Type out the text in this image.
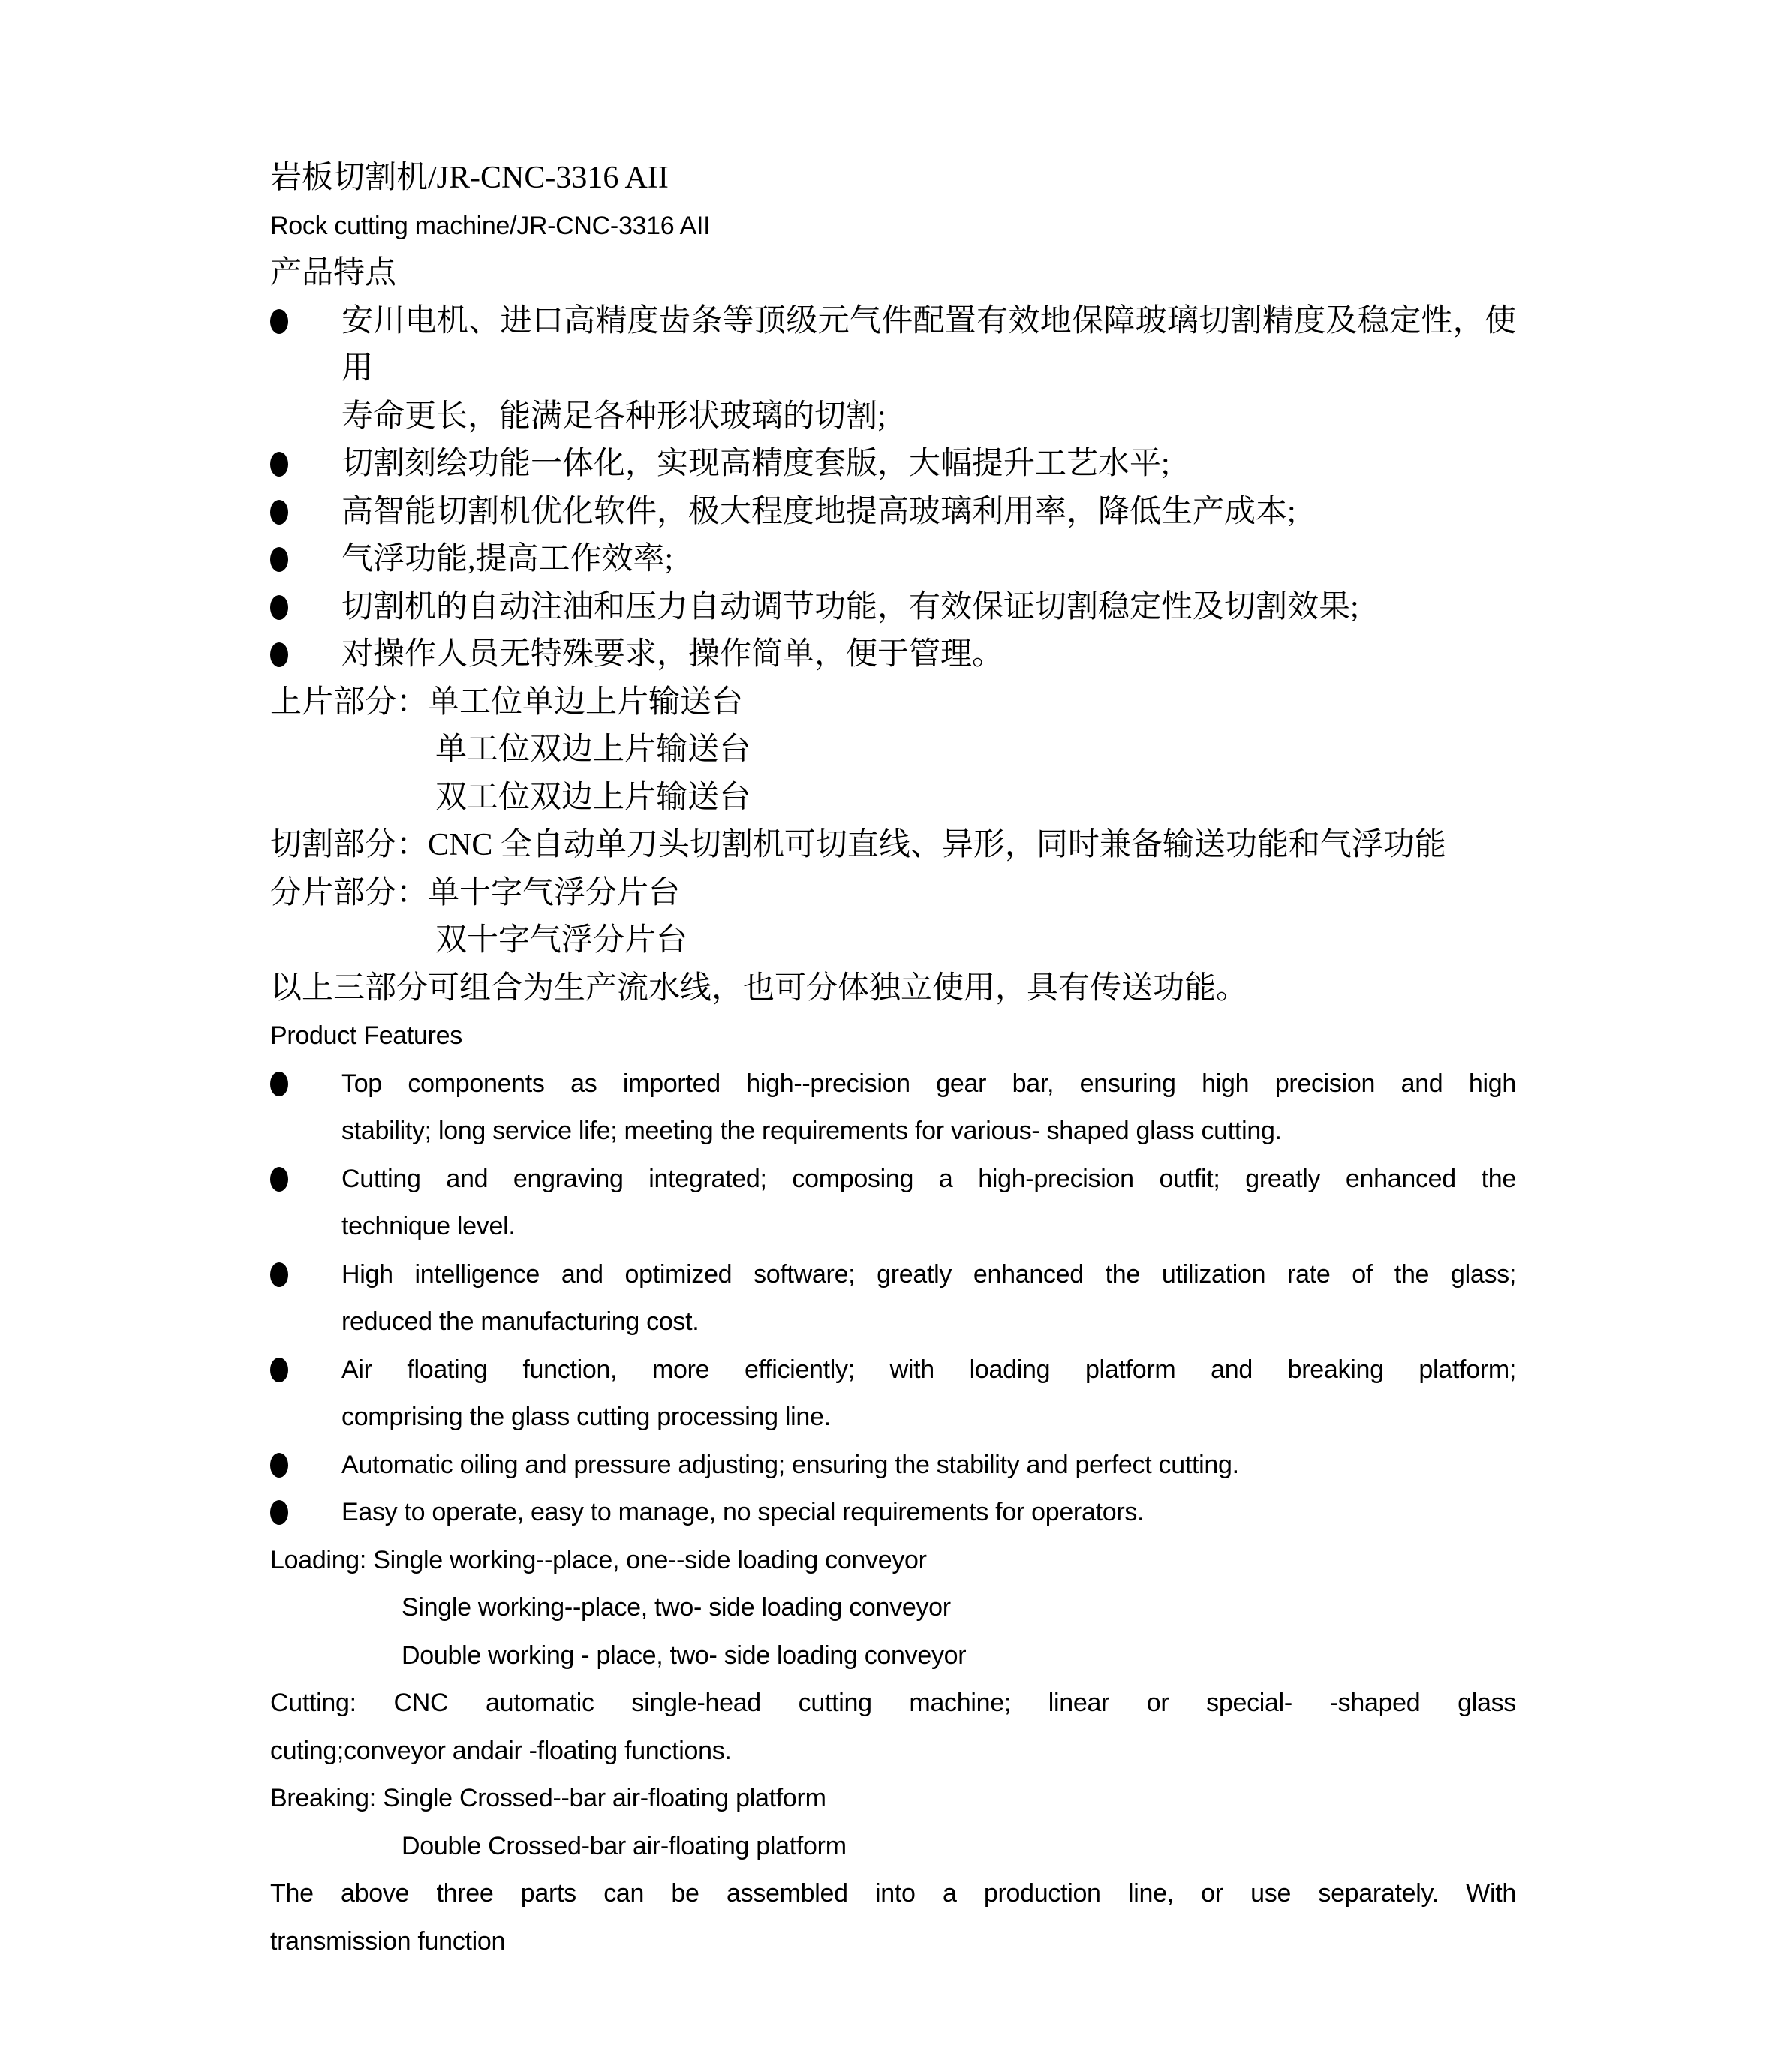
岩板切割机/JR-CNC-3316 AII
Rock cutting machine/JR-CNC-3316 AII
产品特点
安川电机、进口高精度齿条等顶级元气件配置有效地保障玻璃切割精度及稳定性，使用
寿命更长，能满足各种形状玻璃的切割;
切割刻绘功能一体化，实现高精度套版，大幅提升工艺水平;
高智能切割机优化软件，极大程度地提高玻璃利用率，降低生产成本;
气浮功能,提高工作效率;
切割机的自动注油和压力自动调节功能，有效保证切割稳定性及切割效果;
对操作人员无特殊要求，操作简单，便于管理。
上片部分：单工位单边上片输送台
单工位双边上片输送台
双工位双边上片输送台
切割部分：CNC 全自动单刀头切割机可切直线、异形，同时兼备输送功能和气浮功能
分片部分：单十字气浮分片台
双十字气浮分片台
以上三部分可组合为生产流水线，也可分体独立使用，具有传送功能。
Product Features
Top components as imported high--precision gear bar, ensuring high precision and high
stability; long service life; meeting the requirements for various- shaped glass cutting.
Cutting and engraving integrated; composing a high-precision outfit; greatly enhanced the
technique level.
High intelligence and optimized software; greatly enhanced the utilization rate of the glass;
reduced the manufacturing cost.
Air floating function, more efficiently; with loading platform and breaking platform;
comprising the glass cutting processing line.
Automatic oiling and pressure adjusting; ensuring the stability and perfect cutting.
Easy to operate, easy to manage, no special requirements for operators.
Loading: Single working--place, one--side loading conveyor
Single working--place, two- side loading conveyor
Double working - place, two- side loading conveyor
Cutting: CNC automatic single-head cutting machine; linear or special- -shaped glass
cuting;conveyor andair -floating functions.
Breaking: Single Crossed--bar air-floating platform
Double Crossed-bar air-floating platform
The above three parts can be assembled into a production line, or use separately. With
transmission function
